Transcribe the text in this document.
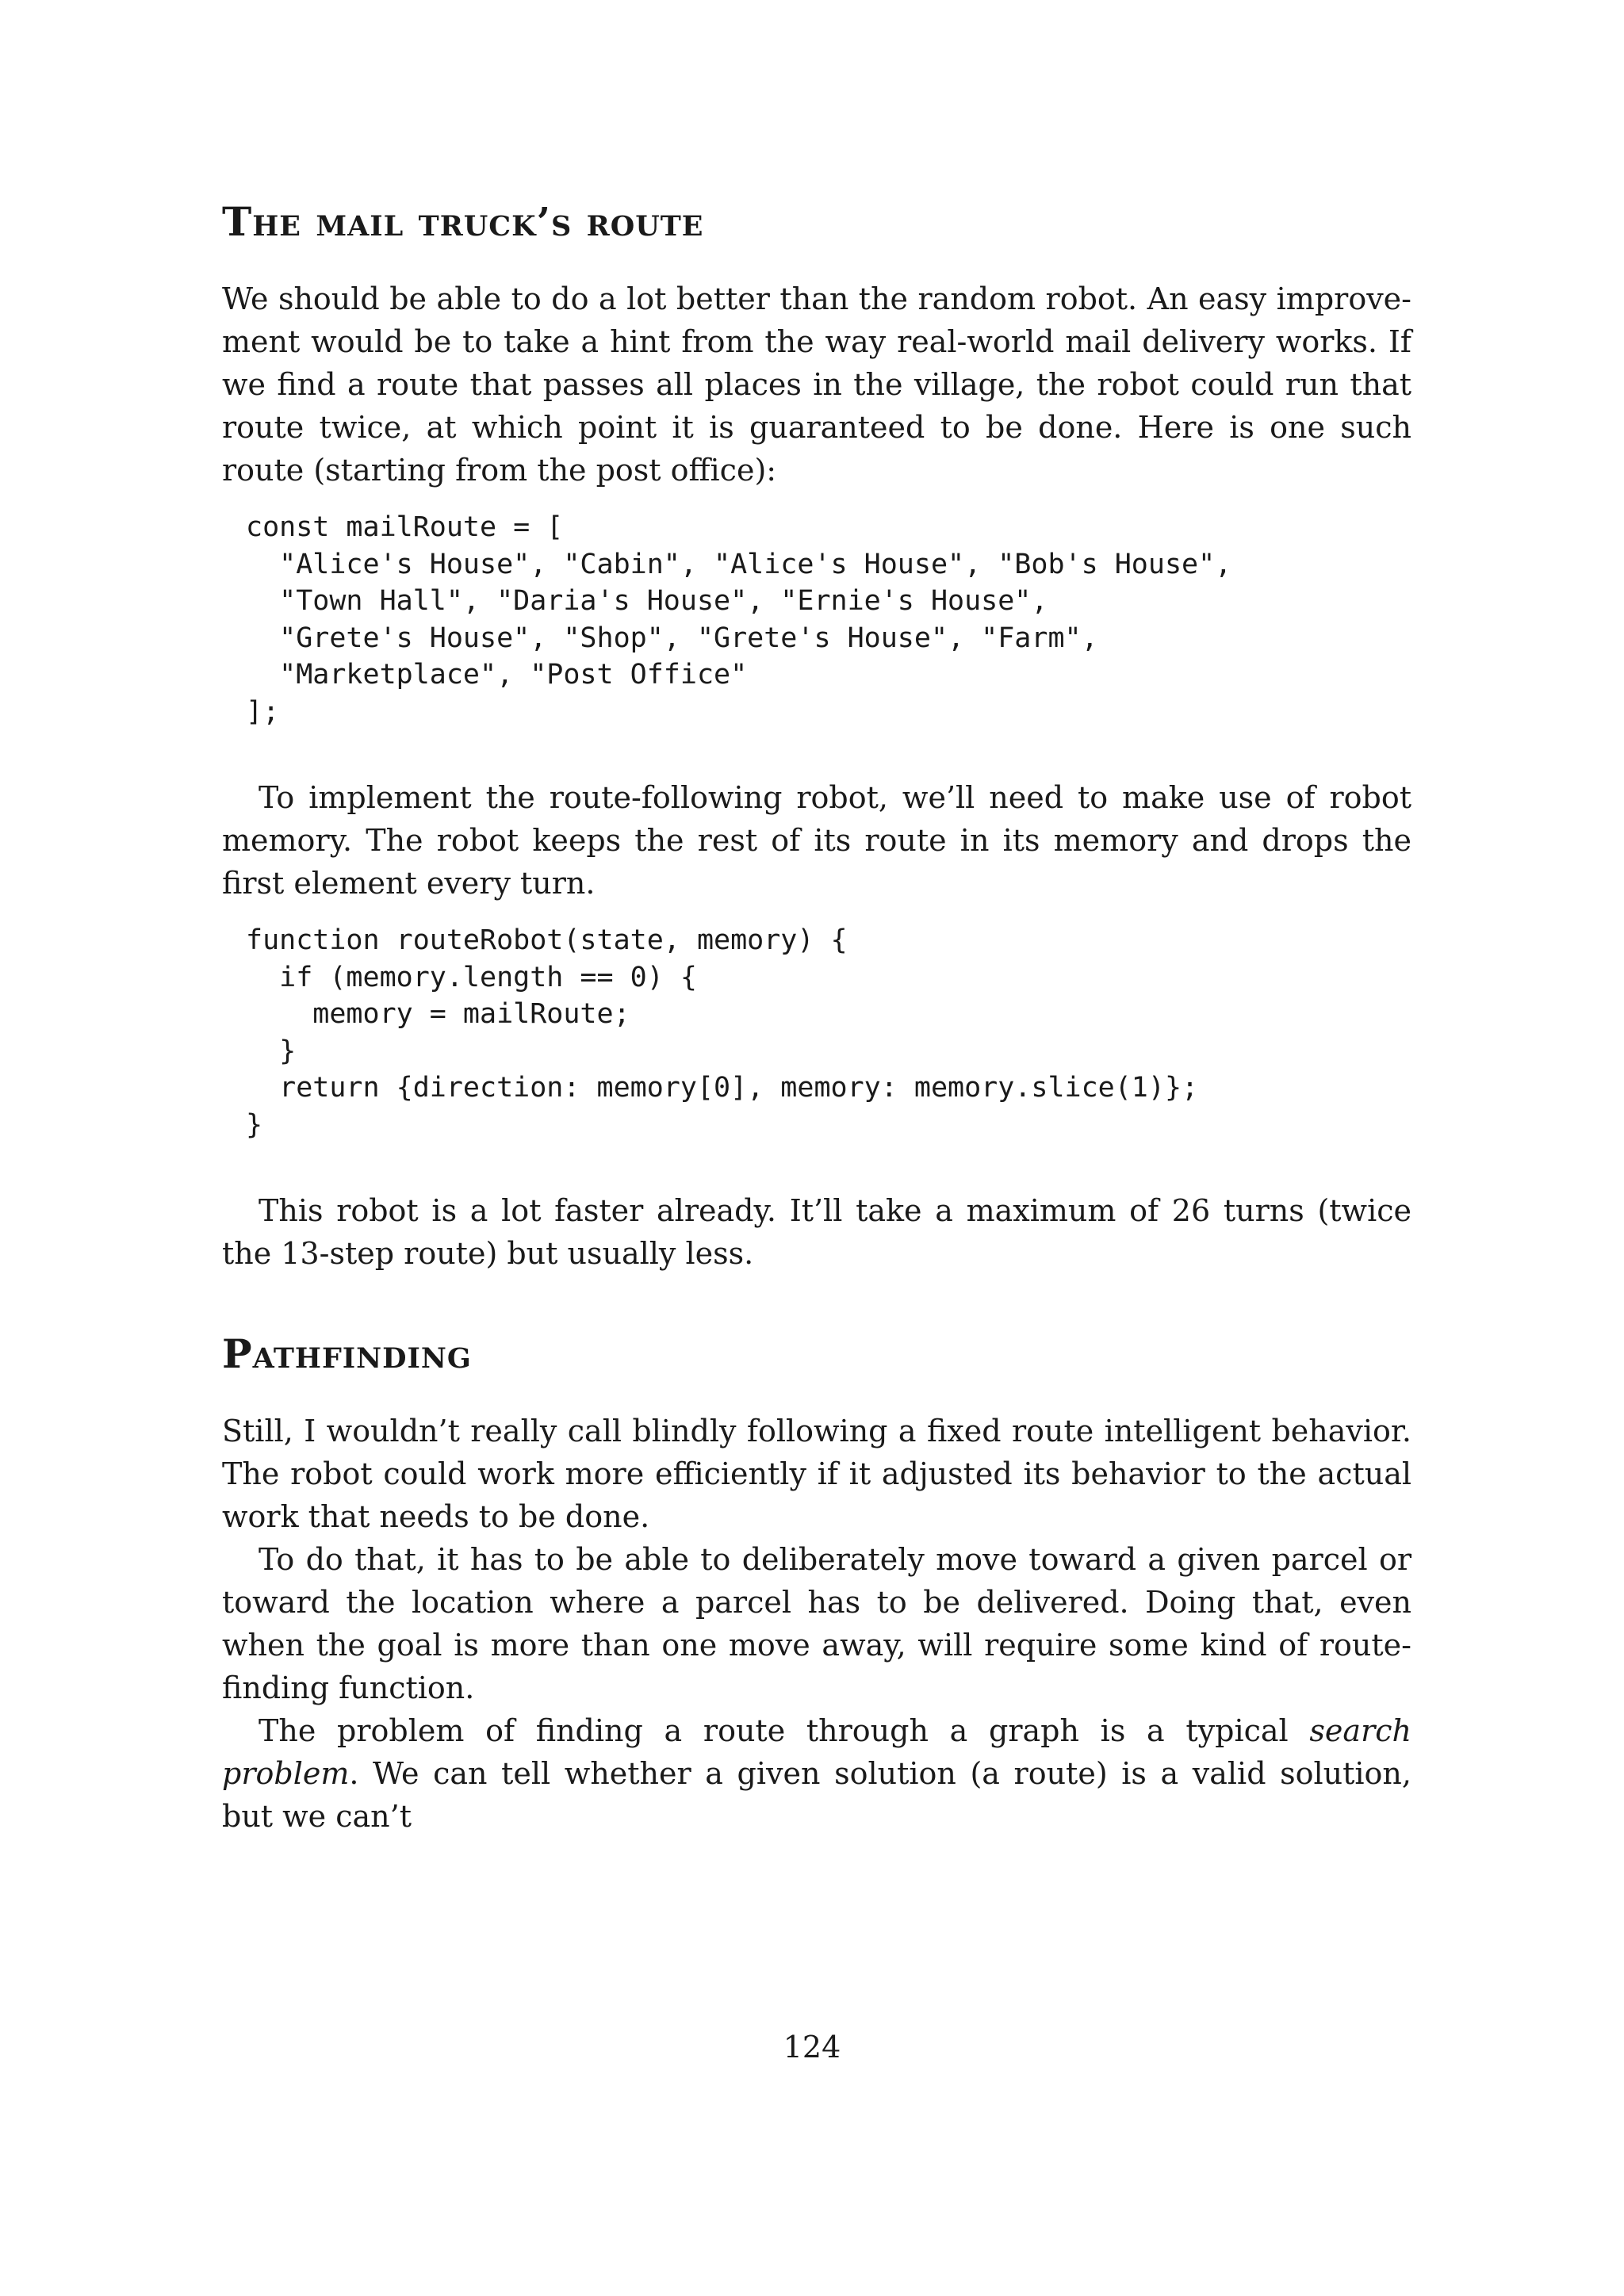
The mail truck’s route

We should be able to do a lot better than the random robot. An easy improvement would be to take a hint from the way real-world mail delivery works. If we find a route that passes all places in the village, the robot could run that route twice, at which point it is guaranteed to be done. Here is one such route (starting from the post office):

const mailRoute = [
"Alice's House", "Cabin", "Alice's House", "Bob's House",
"Town Hall", "Daria's House", "Ernie's House",
"Grete's House", "Shop", "Grete's House", "Farm",
"Marketplace", "Post Office"
];

To implement the route-following robot, we’ll need to make use of robot memory. The robot keeps the rest of its route in its memory and drops the first element every turn.

function routeRobot(state, memory) {
if (memory.length == 0) {
memory = mailRoute;
}
return {direction: memory[0], memory: memory.slice(1)};
}

This robot is a lot faster already. It’ll take a maximum of 26 turns (twice the 13-step route) but usually less.

Pathfinding

Still, I wouldn’t really call blindly following a fixed route intelligent behavior. The robot could work more efficiently if it adjusted its behavior to the actual work that needs to be done.

To do that, it has to be able to deliberately move toward a given parcel or toward the location where a parcel has to be delivered. Doing that, even when the goal is more than one move away, will require some kind of route-finding function.

The problem of finding a route through a graph is a typical search problem. We can tell whether a given solution (a route) is a valid solution, but we can’t

124
